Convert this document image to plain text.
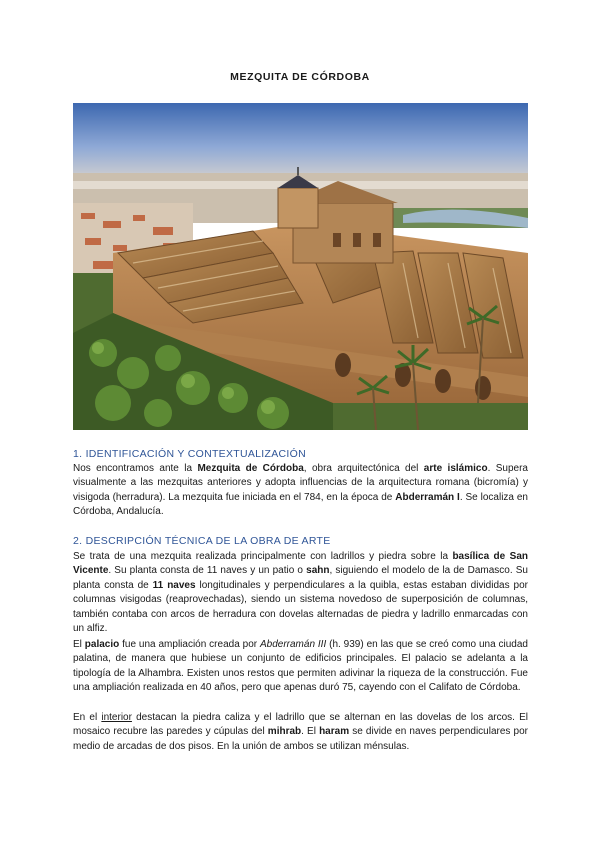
MEZQUITA DE CÓRDOBA
1. IDENTIFICACIÓN Y CONTEXTUALIZACIÓN

Nos encontramos ante la Mezquita de Córdoba, obra arquitectónica del arte islámico. Supera visualmente a las mezquitas anteriores y adopta influencias de la arquitectura romana (bicromía) y visigoda (herradura). La mezquita fue iniciada en el 784, en la época de Abderramán I. Se localiza en Córdoba, Andalucía.

2. DESCRIPCIÓN TÉCNICA DE LA OBRA DE ARTE

Se trata de una mezquita realizada principalmente con ladrillos y piedra sobre la basílica de San Vicente. Su planta consta de 11 naves y un patio o sahn, siguiendo el modelo de la de Damasco. Su planta consta de 11 naves longitudinales y perpendiculares a la quibla, estas estaban divididas por columnas visigodas (reaprovechadas), siendo un sistema novedoso de superposición de columnas, también contaba con arcos de herradura con dovelas alternadas de piedra y ladrillo enmarcadas con un alfiz.

El palacio fue una ampliación creada por Abderramán III (h. 939) en las que se creó como una ciudad palatina, de manera que hubiese un conjunto de edificios principales. El palacio se adelanta a la tipología de la Alhambra. Existen unos restos que permiten adivinar la riqueza de la construcción. Fue una ampliación realizada en 40 años, pero que apenas duró 75, cayendo con el Califato de Córdoba.

En el interior destacan la piedra caliza y el ladrillo que se alternan en las dovelas de los arcos. El mosaico recubre las paredes y cúpulas del mihrab. El haram se divide en naves perpendiculares por medio de arcadas de dos pisos. En la unión de ambos se utilizan ménsulas.
